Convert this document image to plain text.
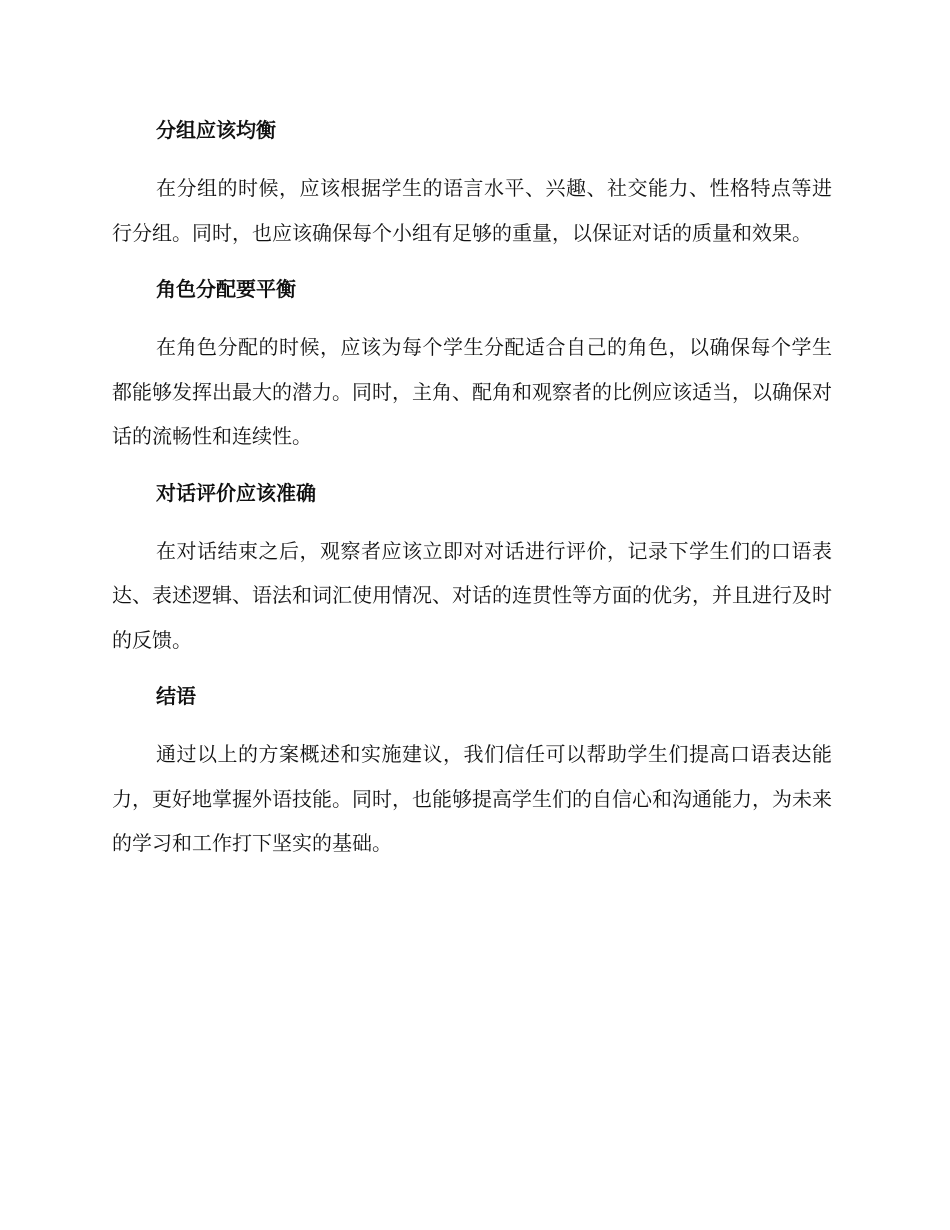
分组应该均衡

在分组的时候，应该根据学生的语言水平、兴趣、社交能力、性格特点等进行分组。同时，也应该确保每个小组有足够的重量，以保证对话的质量和效果。

角色分配要平衡

在角色分配的时候，应该为每个学生分配适合自己的角色，以确保每个学生都能够发挥出最大的潜力。同时，主角、配角和观察者的比例应该适当，以确保对话的流畅性和连续性。

对话评价应该准确

在对话结束之后，观察者应该立即对对话进行评价，记录下学生们的口语表达、表述逻辑、语法和词汇使用情况、对话的连贯性等方面的优劣，并且进行及时的反馈。

结语

通过以上的方案概述和实施建议，我们信任可以帮助学生们提高口语表达能力，更好地掌握外语技能。同时，也能够提高学生们的自信心和沟通能力，为未来的学习和工作打下坚实的基础。
